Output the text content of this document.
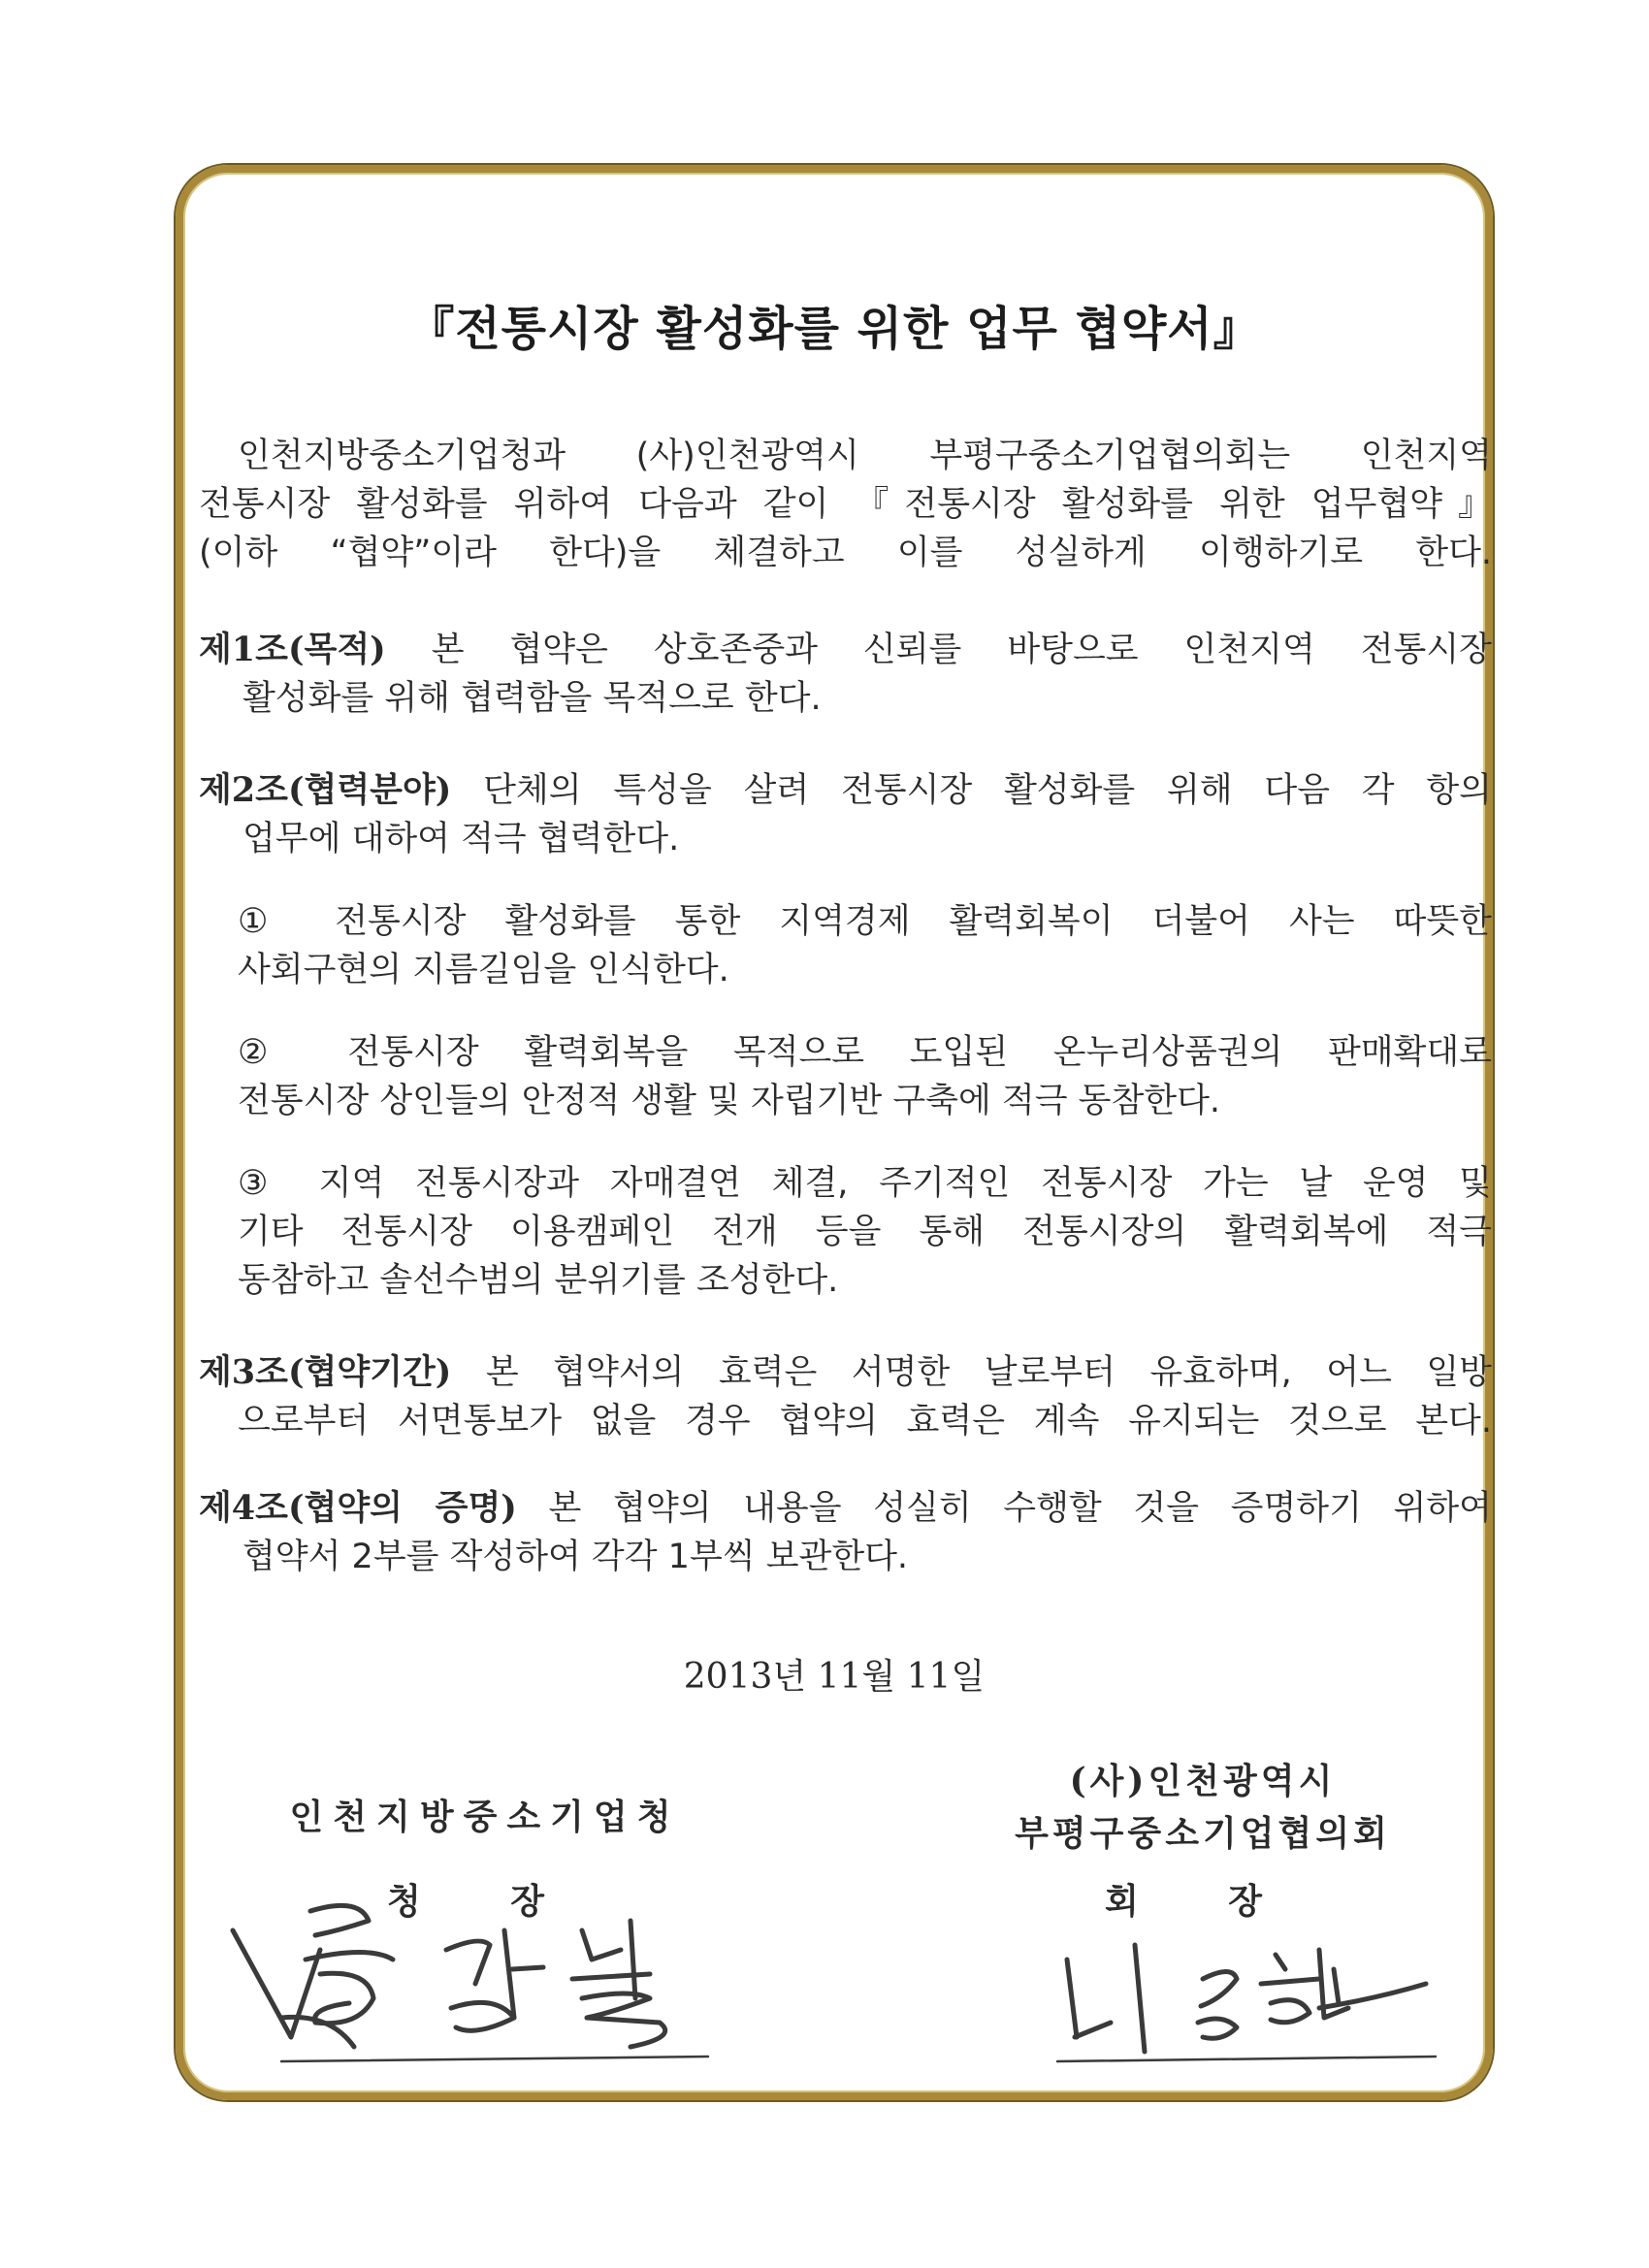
『전통시장 활성화를 위한 업무 협약서』
인천지방중소기업청과 (사)인천광역시 부평구중소기업협의회는 인천지역
전통시장 활성화를 위하여 다음과 같이 『전통시장 활성화를 위한 업무협약』
(이하 “협약”이라 한다)을 체결하고 이를 성실하게 이행하기로 한다.
제1조(목적) 본 협약은 상호존중과 신뢰를 바탕으로 인천지역 전통시장
활성화를 위해 협력함을 목적으로 한다.
제2조(협력분야) 단체의 특성을 살려 전통시장 활성화를 위해 다음 각 항의
업무에 대하여 적극 협력한다.
① 전통시장 활성화를 통한 지역경제 활력회복이 더불어 사는 따뜻한
사회구현의 지름길임을 인식한다.
② 전통시장 활력회복을 목적으로 도입된 온누리상품권의 판매확대로
전통시장 상인들의 안정적 생활 및 자립기반 구축에 적극 동참한다.
③ 지역 전통시장과 자매결연 체결, 주기적인 전통시장 가는 날 운영 및
기타 전통시장 이용캠페인 전개 등을 통해 전통시장의 활력회복에 적극
동참하고 솔선수범의 분위기를 조성한다.
제3조(협약기간) 본 협약서의 효력은 서명한 날로부터 유효하며, 어느 일방
으로부터 서면통보가 없을 경우 협약의 효력은 계속 유지되는 것으로 본다.
제4조(협약의 증명) 본 협약의 내용을 성실히 수행할 것을 증명하기 위하여
협약서 2부를 작성하여 각각 1부씩 보관한다.
2013년 11월 11일
인천지방중소기업청
청 장
(사)인천광역시
부평구중소기업협의회
회 장
